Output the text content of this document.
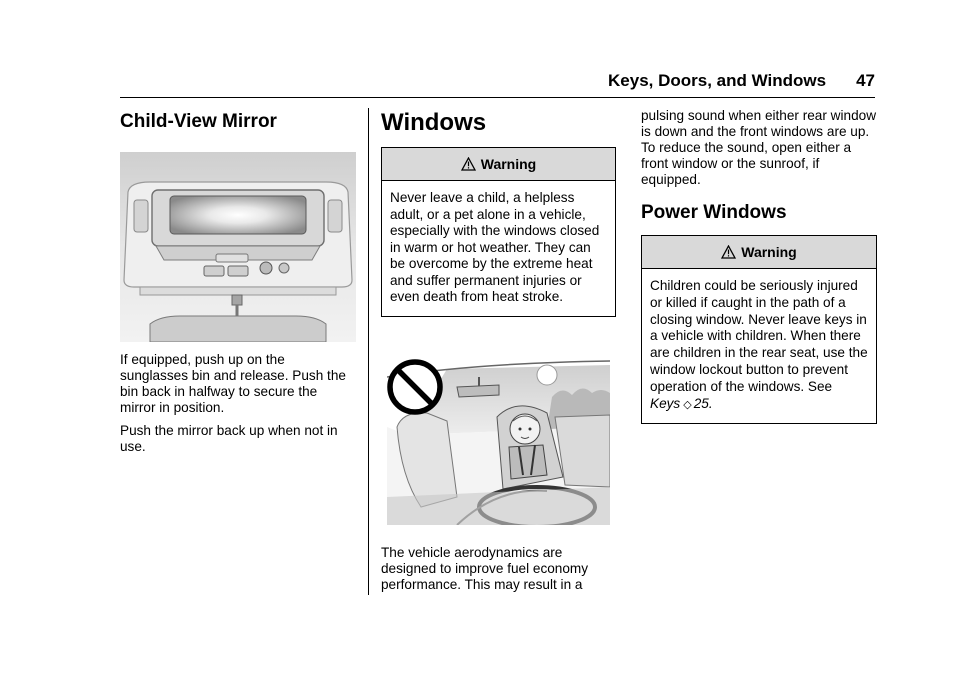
Keys, Doors, and Windows 47
Child-View Mirror

If equipped, push up on the sunglasses bin and release. Push the bin back in halfway to secure the mirror in position.

Push the mirror back up when not in use.

Windows
Warning
Never leave a child, a helpless adult, or a pet alone in a vehicle, especially with the windows closed in warm or hot weather. They can be overcome by the extreme heat and suffer permanent injuries or even death from heat stroke.

The vehicle aerodynamics are designed to improve fuel economy performance. This may result in a

pulsing sound when either rear window is down and the front windows are up. To reduce the sound, open either a front window or the sunroof, if equipped.

Power Windows
Warning
Children could be seriously injured or killed if caught in the path of a closing window. Never leave keys in a vehicle with children. When there are children in the rear seat, use the window lockout button to prevent operation of the windows. See
Keys ◇ 25.
